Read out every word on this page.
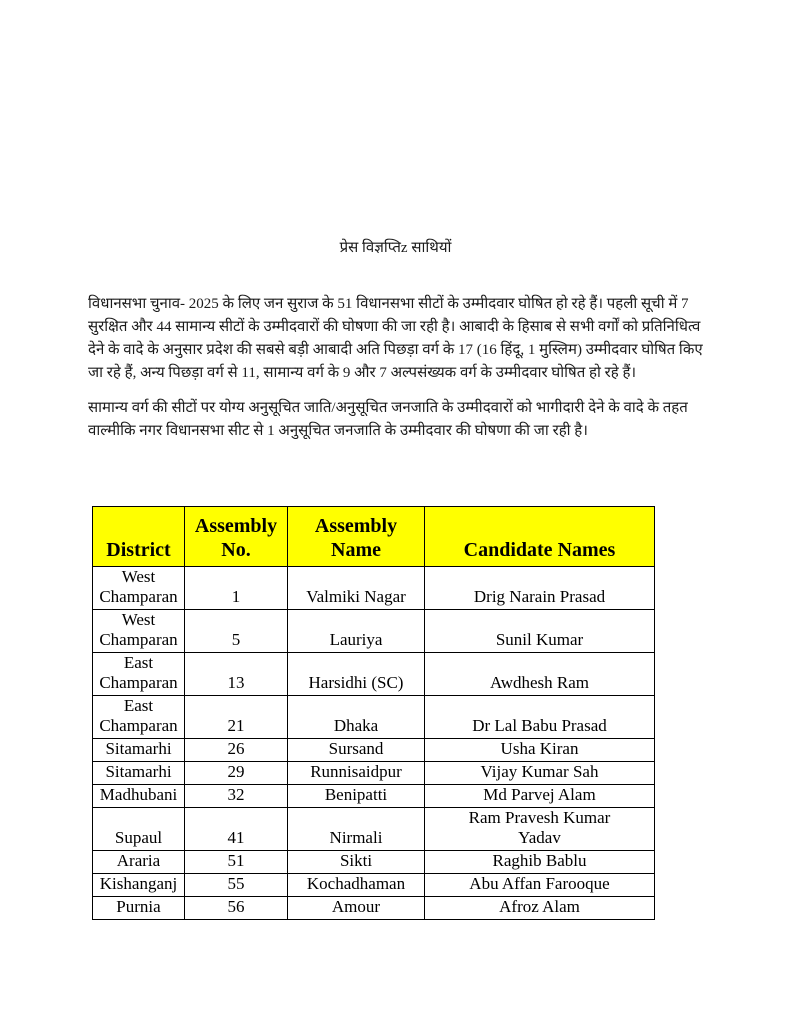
प्रेस विज्ञप्तिz साथियों
विधानसभा चुनाव- 2025 के लिए जन सुराज के 51 विधानसभा सीटों के उम्मीदवार घोषित हो रहे हैं। पहली सूची में 7 सुरक्षित और 44 सामान्य सीटों के उम्मीदवारों की घोषणा की जा रही है। आबादी के हिसाब से सभी वर्गों को प्रतिनिधित्व देने के वादे के अनुसार प्रदेश की सबसे बड़ी आबादी अति पिछड़ा वर्ग के 17 (16 हिंदू, 1 मुस्लिम) उम्मीदवार घोषित किए जा रहे हैं, अन्य पिछड़ा वर्ग से 11, सामान्य वर्ग के 9 और 7 अल्पसंख्यक वर्ग के उम्मीदवार घोषित हो रहे हैं।
सामान्य वर्ग की सीटों पर योग्य अनुसूचित जाति/अनुसूचित जनजाति के उम्मीदवारों को भागीदारी देने के वादे के तहत वाल्मीकि नगर विधानसभा सीट से 1 अनुसूचित जनजाति के उम्मीदवार की घोषणा की जा रही है।
District	Assembly No.	Assembly Name	Candidate Names
West Champaran	1	Valmiki Nagar	Drig Narain Prasad
West Champaran	5	Lauriya	Sunil Kumar
East Champaran	13	Harsidhi (SC)	Awdhesh Ram
East Champaran	21	Dhaka	Dr Lal Babu Prasad
Sitamarhi	26	Sursand	Usha Kiran
Sitamarhi	29	Runnisaidpur	Vijay Kumar Sah
Madhubani	32	Benipatti	Md Parvej Alam
Supaul	41	Nirmali	Ram Pravesh Kumar Yadav
Araria	51	Sikti	Raghib Bablu
Kishanganj	55	Kochadhaman	Abu Affan Farooque
Purnia	56	Amour	Afroz Alam
